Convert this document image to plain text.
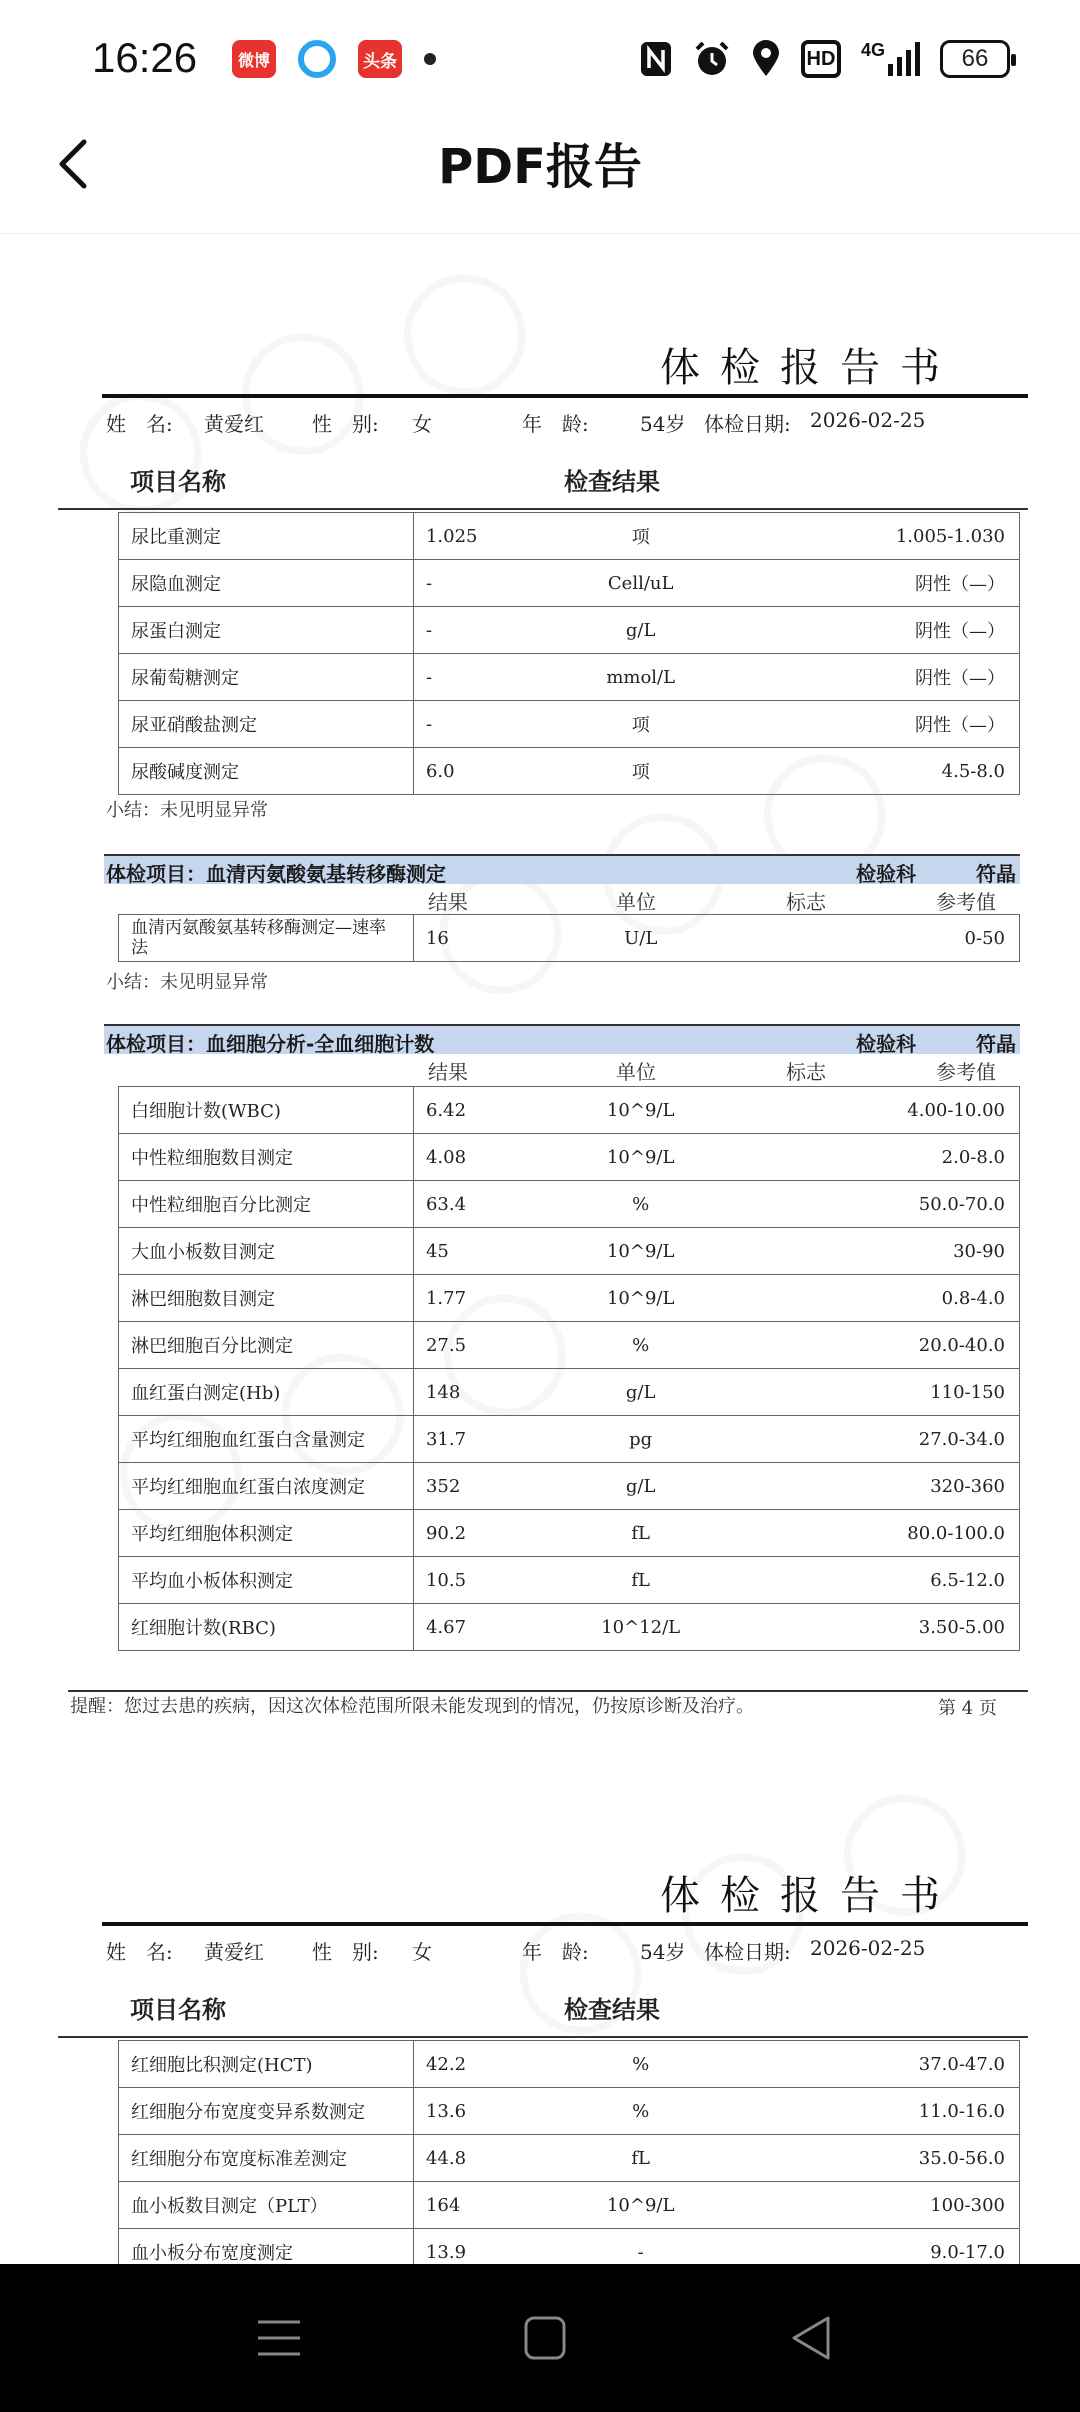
16:26	微博	头条	HD	4G	66
PDF报告
体检报告书
姓　名: 黄爱红 性　别: 女	年　龄:	54岁 体检日期: 2026-02-25
项目名称	检查结果
尿比重测定	1.025	项	1.005-1.030
尿隐血测定	-	Cell/uL	阴性（—）
尿蛋白测定	-	g/L	阴性（—）
尿葡萄糖测定	-	mmol/L	阴性（—）
尿亚硝酸盐测定	-	项	阴性（—）
尿酸碱度测定	6.0	项	4.5-8.0
小结：未见明显异常
体检项目：血清丙氨酸氨基转移酶测定	检验科	符晶
结果	单位	标志	参考值
血清丙氨酸氨基转移酶测定—速率
法	16	U/L	0-50
小结：未见明显异常
体检项目：血细胞分析-全血细胞计数	检验科	符晶
结果	单位	标志	参考值
白细胞计数(WBC)	6.42	10^9/L	4.00-10.00
中性粒细胞数目测定	4.08	10^9/L	2.0-8.0
中性粒细胞百分比测定	63.4	%	50.0-70.0
大血小板数目测定	45	10^9/L	30-90
淋巴细胞数目测定	1.77	10^9/L	0.8-4.0
淋巴细胞百分比测定	27.5	%	20.0-40.0
血红蛋白测定(Hb)	148	g/L	110-150
平均红细胞血红蛋白含量测定	31.7	pg	27.0-34.0
平均红细胞血红蛋白浓度测定	352	g/L	320-360
平均红细胞体积测定	90.2	fL	80.0-100.0
平均血小板体积测定	10.5	fL	6.5-12.0
红细胞计数(RBC)	4.67	10^12/L	3.50-5.00
提醒：您过去患的疾病，因这次体检范围所限未能发现到的情况，仍按原诊断及治疗。	第 4 页
体检报告书
姓　名: 黄爱红 性　别: 女	年　龄:	54岁 体检日期: 2026-02-25
项目名称	检查结果
红细胞比积测定(HCT)	42.2	%	37.0-47.0
红细胞分布宽度变异系数测定	13.6	%	11.0-16.0
红细胞分布宽度标准差测定	44.8	fL	35.0-56.0
血小板数目测定（PLT）	164	10^9/L	100-300
血小板分布宽度测定	13.9	-	9.0-17.0
